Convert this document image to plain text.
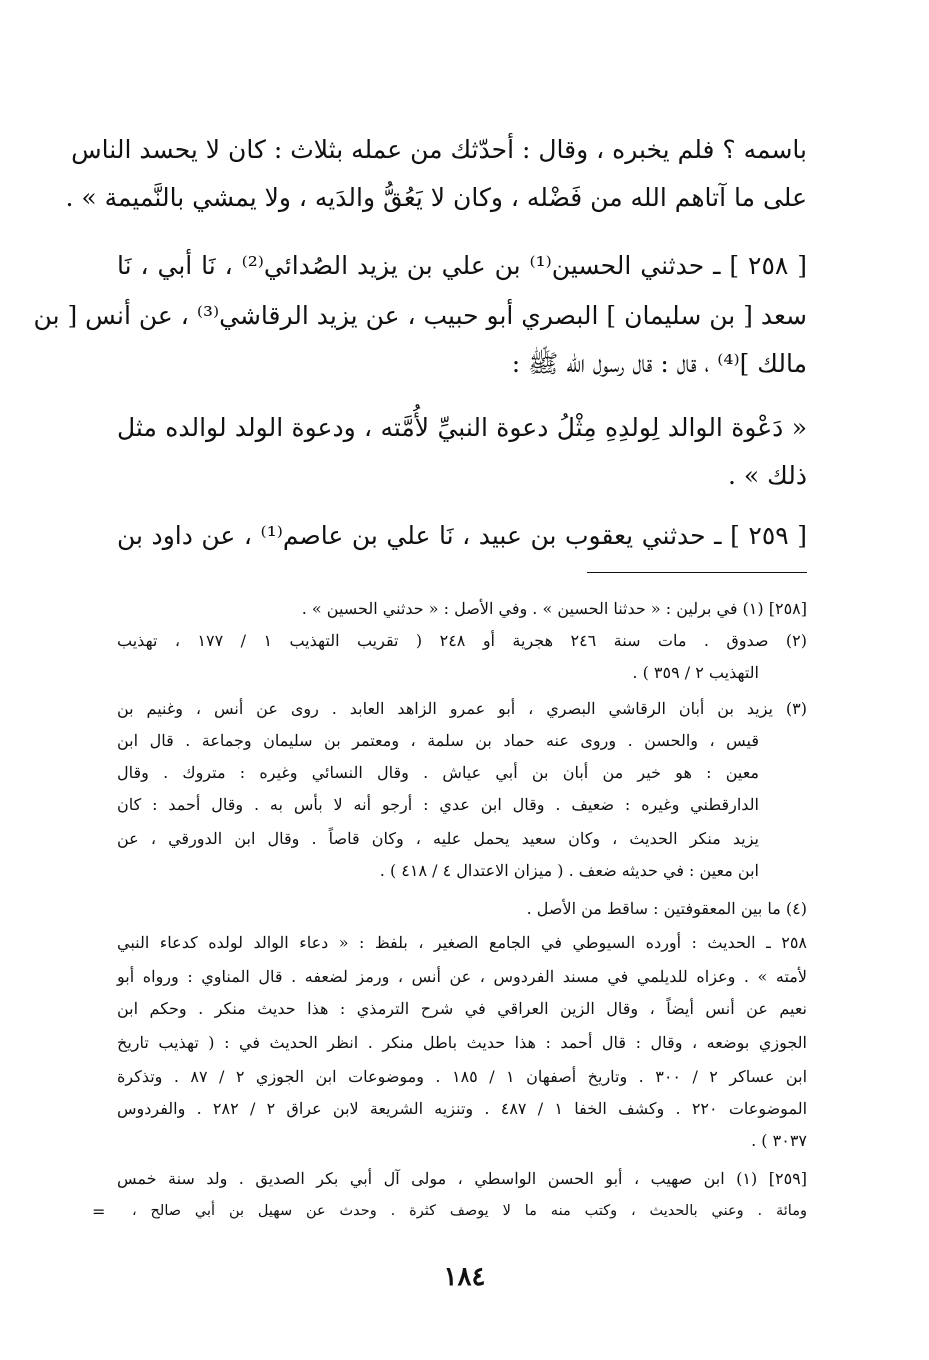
باسمه ؟ فلم يخبره ، وقال : أحدّثك من عمله بثلاث : كان لا يحسد الناس
على ما آتاهم الله من فَضْله ، وكان لا يَعُقُّ والدَيه ، ولا يمشي بالنَّميمة » .
[ ٢٥٨ ] ـ حدثني الحسين⁽¹⁾ بن علي بن يزيد الصُدائي⁽²⁾ ، نَا أبي ، نَا
سعد [ بن سليمان ] البصري أبو حبيب ، عن يزيد الرقاشي⁽³⁾ ، عن أنس [ بن
مالك ]⁽⁴⁾ ، قال : قال رسول الله ﷺ :
« دَعْوة الوالد لِولدِهِ مِثْلُ دعوة النبيِّ لأُمَّته ، ودعوة الولد لوالده مثل
ذلك » .
[ ٢٥٩ ] ـ حدثني يعقوب بن عبيد ، نَا علي بن عاصم⁽¹⁾ ، عن داود بن
[٢٥٨] (١) في برلين : « حدثنا الحسين » . وفي الأصل : « حدثني الحسين » .
(٢) صدوق . مات سنة ٢٤٦ هجرية أو ٢٤٨ ( تقريب التهذيب ١ / ١٧٧ ، تهذيب
التهذيب ٢ / ٣٥٩ ) .
(٣) يزيد بن أبان الرقاشي البصري ، أبو عمرو الزاهد العابد . روى عن أنس ، وغنيم بن
قيس ، والحسن . وروى عنه حماد بن سلمة ، ومعتمر بن سليمان وجماعة . قال ابن
معين : هو خير من أبان بن أبي عياش . وقال النسائي وغيره : متروك . وقال
الدارقطني وغيره : ضعيف . وقال ابن عدي : أرجو أنه لا بأس به . وقال أحمد : كان
يزيد منكر الحديث ، وكان سعيد يحمل عليه ، وكان قاصاً . وقال ابن الدورقي ، عن
ابن معين : في حديثه ضعف . ( ميزان الاعتدال ٤ / ٤١٨ ) .
(٤) ما بين المعقوفتين : ساقط من الأصل .
٢٥٨ ـ الحديث : أورده السيوطي في الجامع الصغير ، بلفظ : « دعاء الوالد لولده كدعاء النبي
لأمته » . وعزاه للديلمي في مسند الفردوس ، عن أنس ، ورمز لضعفه . قال المناوي : ورواه أبو
نعيم عن أنس أيضاً ، وقال الزين العراقي في شرح الترمذي : هذا حديث منكر . وحكم ابن
الجوزي بوضعه ، وقال : قال أحمد : هذا حديث باطل منكر . انظر الحديث في : ( تهذيب تاريخ
ابن عساكر ٢ / ٣٠٠ . وتاريخ أصفهان ١ / ١٨٥ . وموضوعات ابن الجوزي ٢ / ٨٧ . وتذكرة
الموضوعات ٢٢٠ . وكشف الخفا ١ / ٤٨٧ . وتنزيه الشريعة لابن عراق ٢ / ٢٨٢ . والفردوس
٣٠٣٧ ) .
[٢٥٩] (١) ابن صهيب ، أبو الحسن الواسطي ، مولى آل أبي بكر الصديق . ولد سنة خمس
ومائة . وعني بالحديث ، وكتب منه ما لا يوصف كثرة . وحدث عن سهيل بن أبي صالح ،
=
١٨٤
